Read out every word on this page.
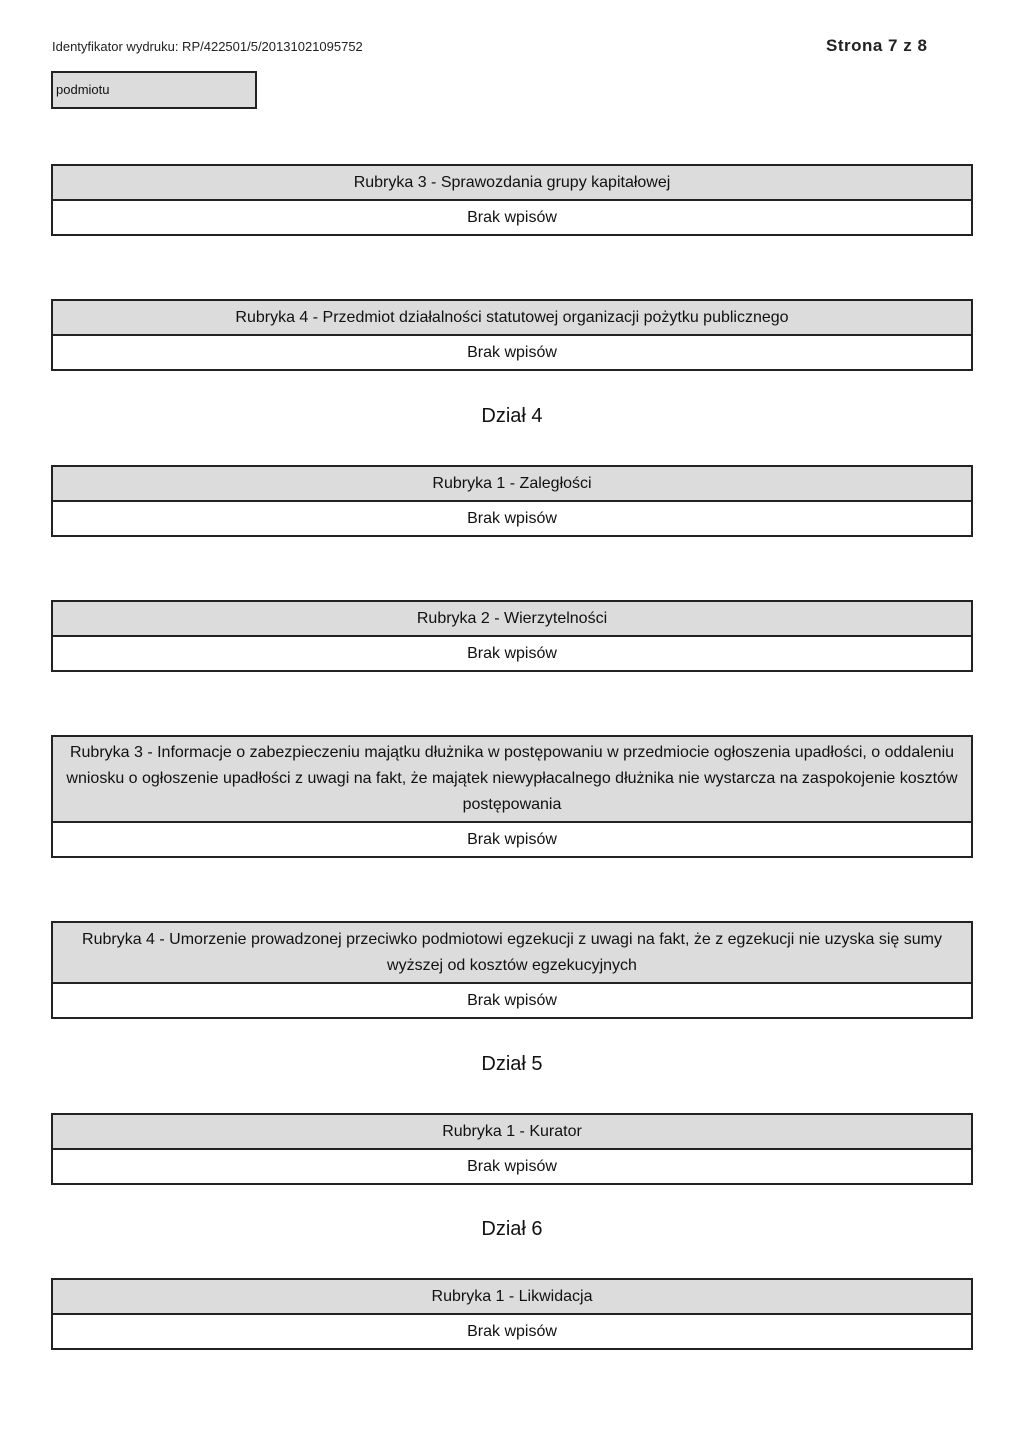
Identyfikator wydruku: RP/422501/5/20131021095752	Strona 7 z 8
podmiotu
Rubryka 3 - Sprawozdania grupy kapitałowej
Brak wpisów
Rubryka 4 - Przedmiot działalności statutowej organizacji pożytku publicznego
Brak wpisów
Dział 4
Rubryka 1 - Zaległości
Brak wpisów
Rubryka 2 - Wierzytelności
Brak wpisów
Rubryka 3 - Informacje o zabezpieczeniu majątku dłużnika w postępowaniu w przedmiocie ogłoszenia upadłości, o oddaleniu wniosku o ogłoszenie upadłości z uwagi na fakt, że majątek niewypłacalnego dłużnika nie wystarcza na zaspokojenie kosztów postępowania
Brak wpisów
Rubryka 4 - Umorzenie prowadzonej przeciwko podmiotowi egzekucji z uwagi na fakt, że z egzekucji nie uzyska się sumy wyższej od kosztów egzekucyjnych
Brak wpisów
Dział 5
Rubryka 1 - Kurator
Brak wpisów
Dział 6
Rubryka 1 - Likwidacja
Brak wpisów
